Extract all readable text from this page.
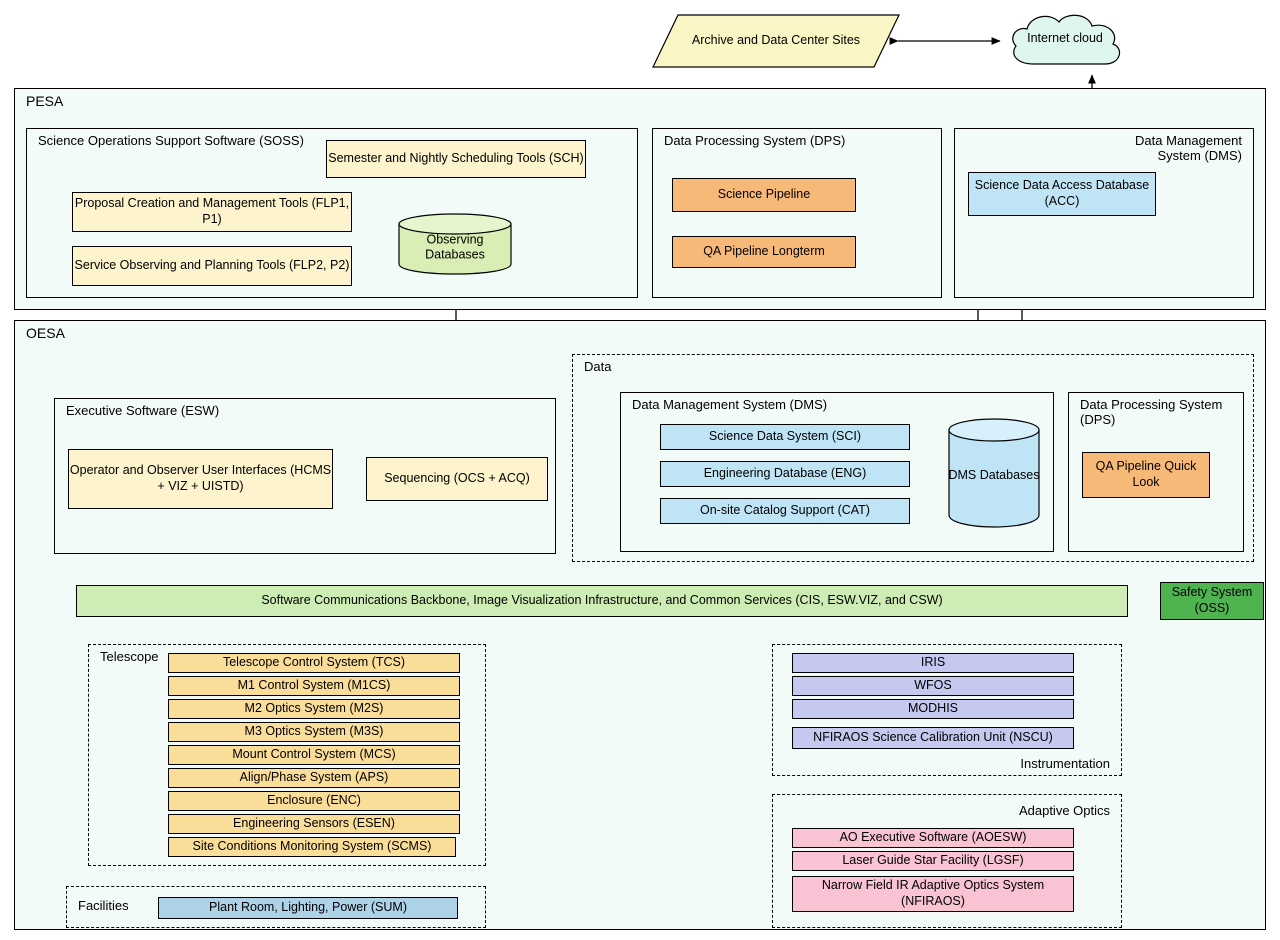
Archive and Data Center Sites	Internet cloud
PESA
Science Operations Support Software (SOSS)
Semester and Nightly Scheduling Tools (SCH)
Proposal Creation and Management Tools (FLP1, P1)
Service Observing and Planning Tools (FLP2, P2)
Observing Databases
Data Processing System (DPS)
Science Pipeline
QA Pipeline Longterm
Data Management System (DMS)
Science Data Access Database (ACC)
OESA
Executive Software (ESW)
Operator and Observer User Interfaces (HCMS + VIZ + UISTD)
Sequencing (OCS + ACQ)
Data
Data Management System (DMS)
Science Data System (SCI)
Engineering Database (ENG)
On-site Catalog Support (CAT)
DMS Databases
Data Processing System (DPS)
QA Pipeline Quick Look
Software Communications Backbone, Image Visualization Infrastructure, and Common Services (CIS, ESW.VIZ, and CSW)
Safety System (OSS)
Telescope	Telescope Control System (TCS)
M1 Control System (M1CS)
M2 Optics System (M2S)
M3 Optics System (M3S)
Mount Control System (MCS)
Align/Phase System (APS)
Enclosure (ENC)
Engineering Sensors (ESEN)
Site Conditions Monitoring System (SCMS)
Facilities	Plant Room, Lighting, Power (SUM)
Instrumentation
IRIS
WFOS
MODHIS
NFIRAOS Science Calibration Unit (NSCU)
Adaptive Optics
AO Executive Software (AOESW)
Laser Guide Star Facility (LGSF)
Narrow Field IR Adaptive Optics System (NFIRAOS)
